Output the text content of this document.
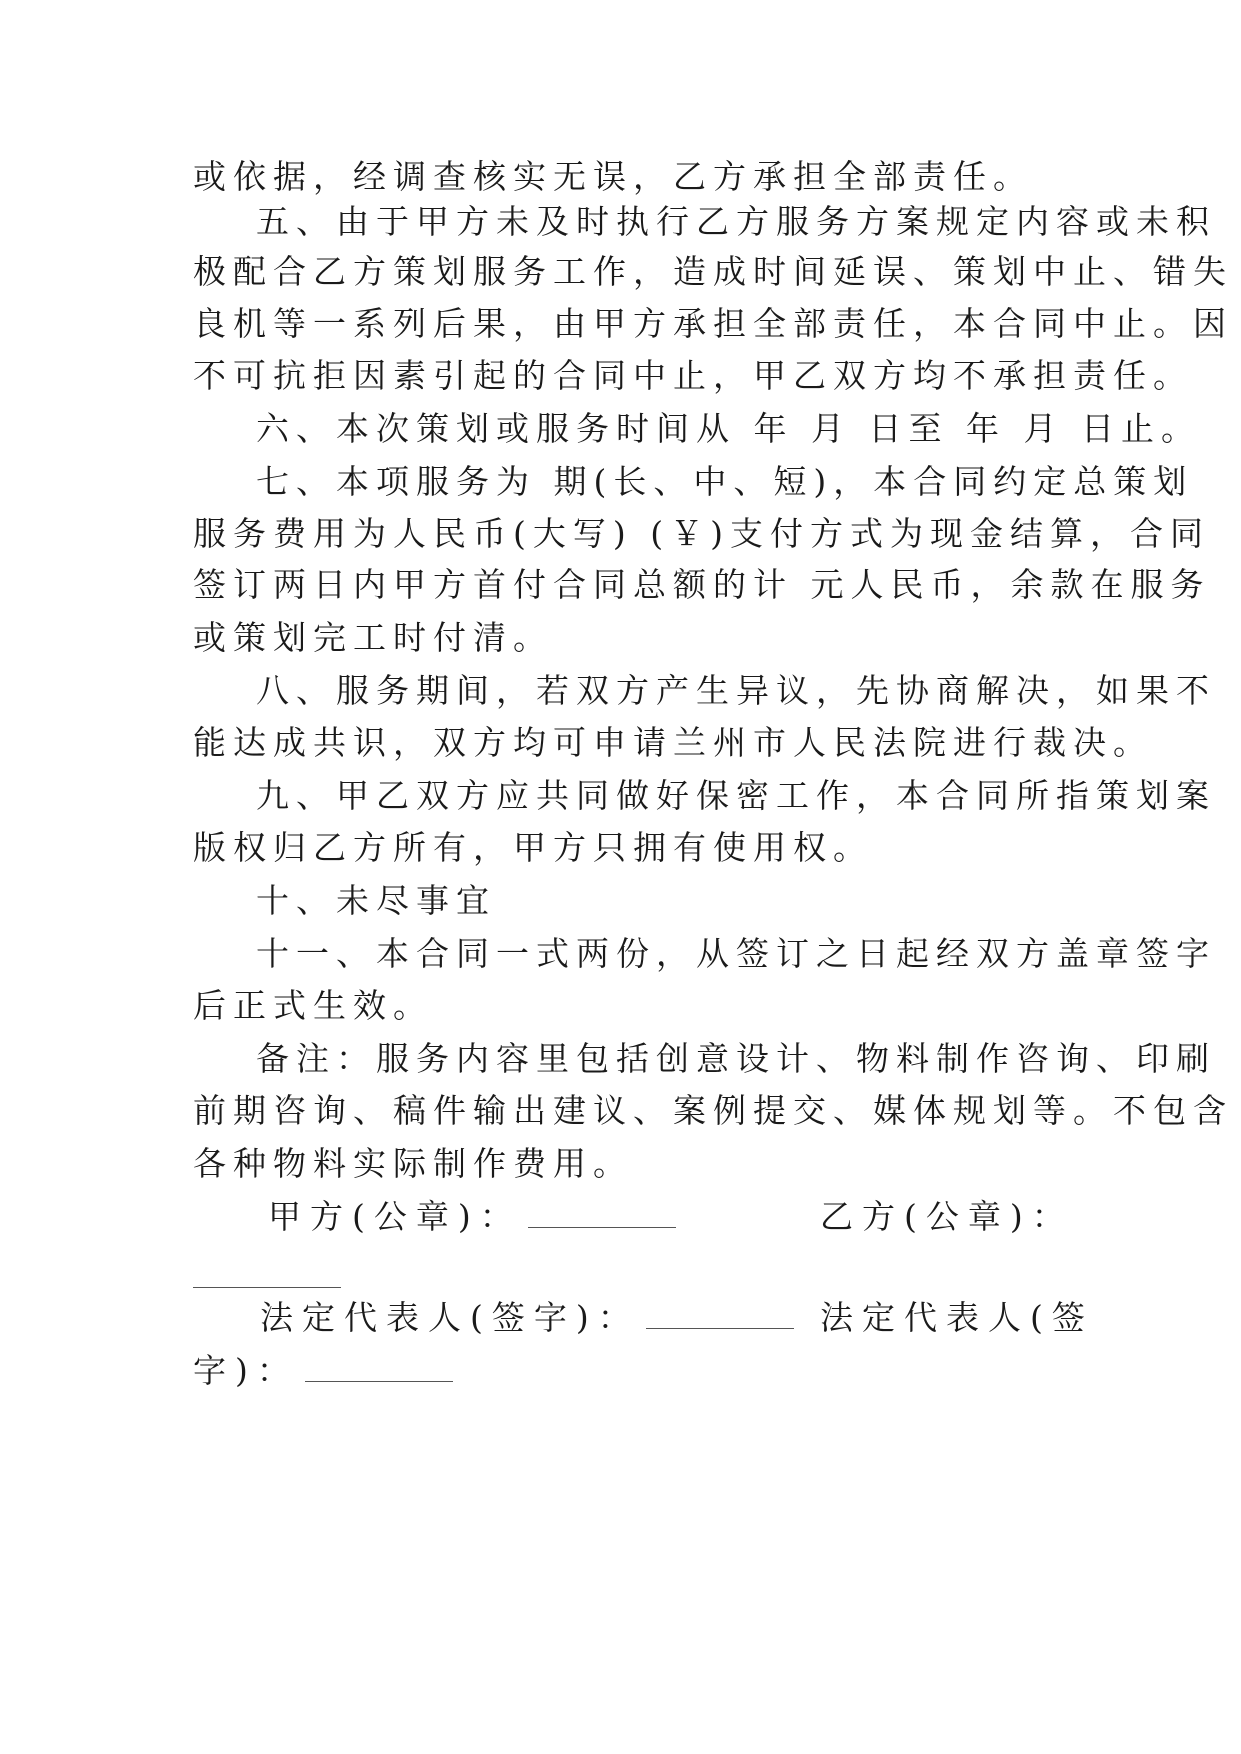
或依据，经调查核实无误，乙方承担全部责任。
五、由于甲方未及时执行乙方服务方案规定内容或未积
极配合乙方策划服务工作，造成时间延误、策划中止、错失
良机等一系列后果，由甲方承担全部责任，本合同中止。因
不可抗拒因素引起的合同中止，甲乙双方均不承担责任。
六、本次策划或服务时间从 年 月 日至 年 月 日止。
七、本项服务为 期(长、中、短)，本合同约定总策划
服务费用为人民币(大写) (￥)支付方式为现金结算，合同
签订两日内甲方首付合同总额的计 元人民币，余款在服务
或策划完工时付清。
八、服务期间，若双方产生异议，先协商解决，如果不
能达成共识，双方均可申请兰州市人民法院进行裁决。
九、甲乙双方应共同做好保密工作，本合同所指策划案
版权归乙方所有，甲方只拥有使用权。
十、未尽事宜
十一、本合同一式两份，从签订之日起经双方盖章签字
后正式生效。
备注：服务内容里包括创意设计、物料制作咨询、印刷
前期咨询、稿件输出建议、案例提交、媒体规划等。不包含
各种物料实际制作费用。
甲方(公章)：	乙方(公章)：
法定代表人(签字)：	法定代表人(签
字)：
